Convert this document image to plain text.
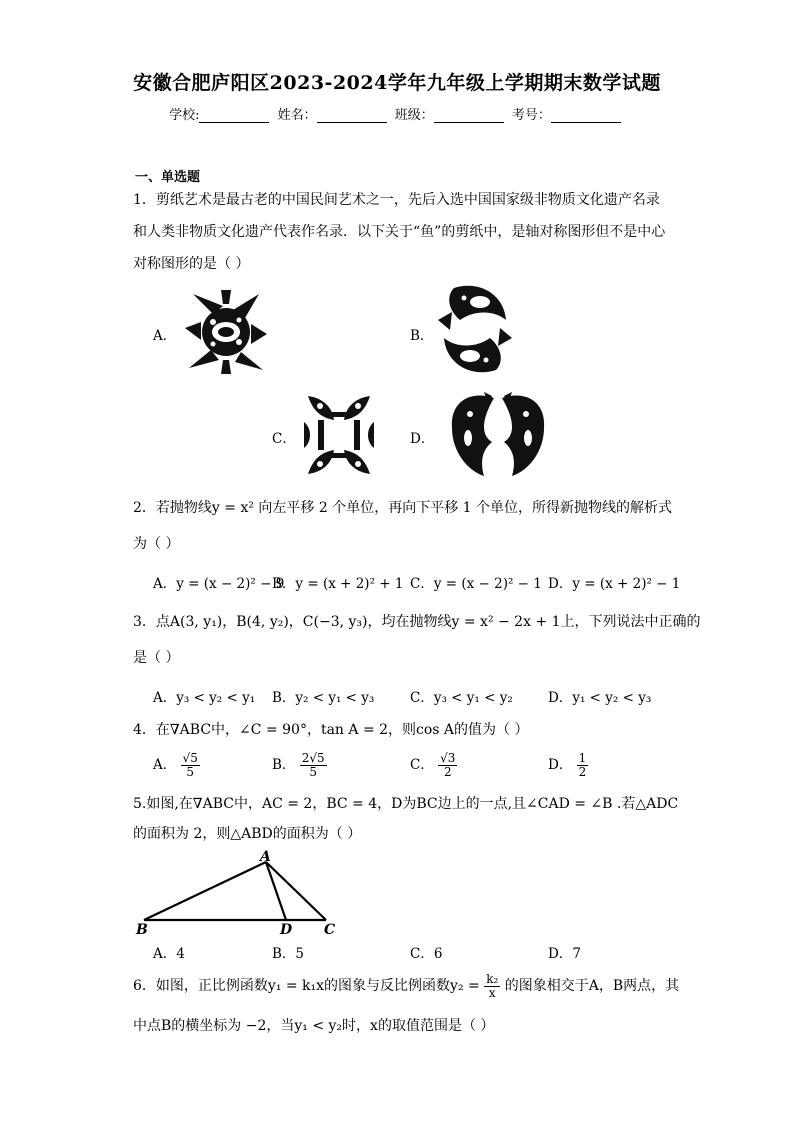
安徽合肥庐阳区2023-2024学年九年级上学期期末数学试题
学校:	姓名：	班级：	考号：
一、单选题
1．剪纸艺术是最古老的中国民间艺术之一，先后入选中国国家级非物质文化遗产名录
和人类非物质文化遗产代表作名录．以下关于“鱼”的剪纸中，是轴对称图形但不是中心
对称图形的是（ ）
A．	B．
C．	D．
2．若抛物线y = x² 向左平移 2 个单位，再向下平移 1 个单位，所得新抛物线的解析式
为（ ）
A．y = (x − 2)² − 9
B．y = (x + 2)² + 1 C．y = (x − 2)² − 1 D．y = (x + 2)² − 1
3．点A(3, y₁)，B(4, y₂)，C(−3, y₃)，均在抛物线y = x² − 2x + 1上，下列说法中正确的
是（ ）
A．y₃ < y₂ < y₁ B．y₂ < y₁ < y₃	C．y₃ < y₁ < y₂	D．y₁ < y₂ < y₃
4．在∇ABC中，∠C = 90°，tan A = 2，则cos A的值为（ ）
A． $\frac{√5}{5}$	B． $\frac{2√5}{5}$	C． $\frac{√3}{2}$	D． $\frac{1}{2}$
5.如图,在∇ABC中，AC = 2，BC = 4，D为BC边上的一点,且∠CAD = ∠B .若△ADC
的面积为 2，则△ABD的面积为（ ）
A
B	D C
A．4	B．5	C．6	D．7
6．如图，正比例函数y₁ = k₁x的图象与反比例函数$y_2 = \frac{\text{k₂}}{x}$ 的图象相交于A，B两点，其
中点B的横坐标为 −2，当y₁ < y₂时，x的取值范围是（ ）
